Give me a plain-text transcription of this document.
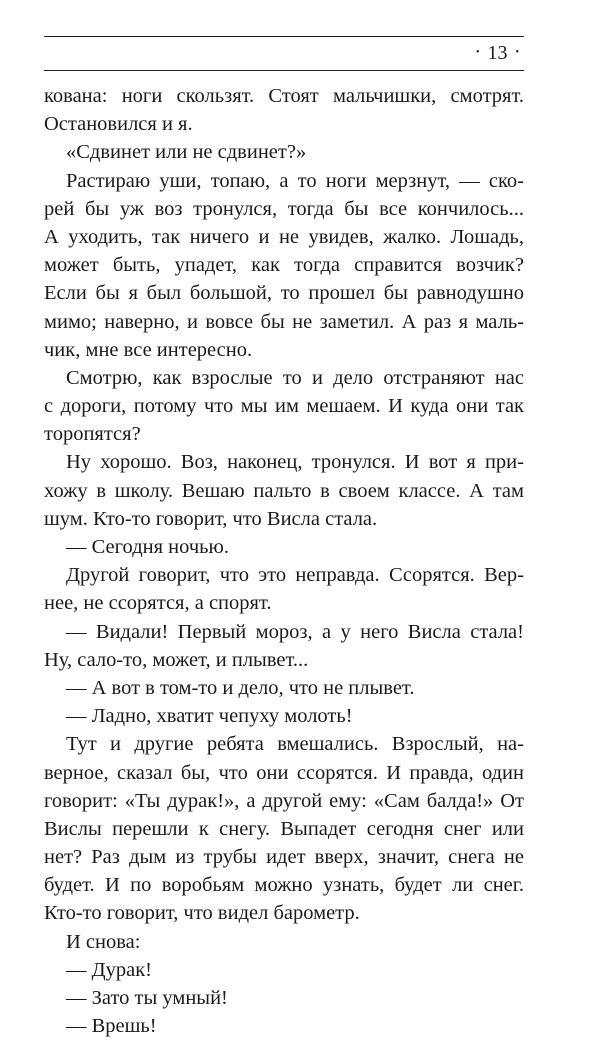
• 13 •
кована: ноги скользят. Стоят мальчишки, смотрят.
Остановился и я.
«Сдвинет или не сдвинет?»
Растираю уши, топаю, а то ноги мерзнут, — ско-
рей бы уж воз тронулся, тогда бы все кончилось...
А уходить, так ничего и не увидев, жалко. Лошадь,
может быть, упадет, как тогда справится возчик?
Если бы я был большой, то прошел бы равнодушно
мимо; наверно, и вовсе бы не заметил. А раз я маль-
чик, мне все интересно.
Смотрю, как взрослые то и дело отстраняют нас
с дороги, потому что мы им мешаем. И куда они так
торопятся?
Ну хорошо. Воз, наконец, тронулся. И вот я при-
хожу в школу. Вешаю пальто в своем классе. А там
шум. Кто-то говорит, что Висла стала.
— Сегодня ночью.
Другой говорит, что это неправда. Ссорятся. Вер-
нее, не ссорятся, а спорят.
— Видали! Первый мороз, а у него Висла стала!
Ну, сало-то, может, и плывет...
— А вот в том-то и дело, что не плывет.
— Ладно, хватит чепуху молоть!
Тут и другие ребята вмешались. Взрослый, на-
верное, сказал бы, что они ссорятся. И правда, один
говорит: «Ты дурак!», а другой ему: «Сам балда!» От
Вислы перешли к снегу. Выпадет сегодня снег или
нет? Раз дым из трубы идет вверх, значит, снега не
будет. И по воробьям можно узнать, будет ли снег.
Кто-то говорит, что видел барометр.
И снова:
— Дурак!
— Зато ты умный!
— Врешь!
